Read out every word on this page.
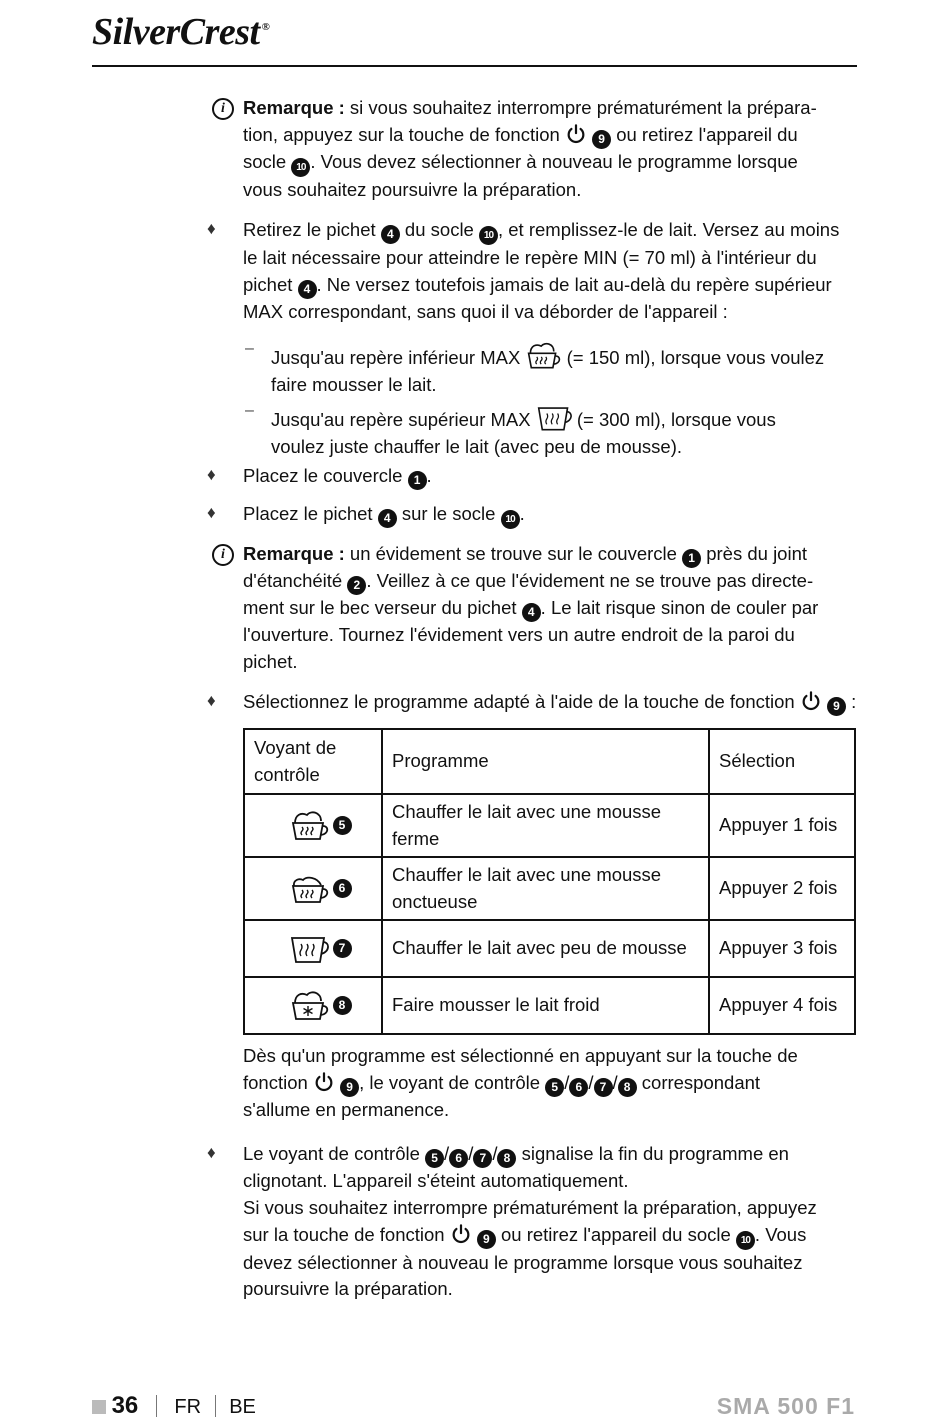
SilverCrest ®
i Remarque : si vous souhaitez interrompre prématurément la prépara-

tion, appuyez sur la touche de fonction	9 ou retirez l'appareil du

socle 10 . Vous devez sélectionner à nouveau le programme lorsque

vous souhaitez poursuivre la préparation.

♦ Retirez le pichet 4 du socle 10 , et remplissez-le de lait. Versez au moins

le lait nécessaire pour atteindre le repère MIN (= 70 ml) à l'intérieur du

pichet 4 . Ne versez toutefois jamais de lait au-delà du repère supérieur

MAX correspondant, sans quoi il va déborder de l'appareil :

– Jusqu'au repère inférieur MAX  (= 150 ml), lorsque vous voulez

faire mousser le lait.

– Jusqu'au repère supérieur MAX  (= 300 ml), lorsque vous

voulez juste chauffer le lait (avec peu de mousse).

♦ Placez le couvercle 1 .

♦ Placez le pichet 4 sur le socle 10 .

i Remarque : un évidement se trouve sur le couvercle 1 près du joint

d'étanchéité 2 . Veillez à ce que l'évidement ne se trouve pas directe-

ment sur le bec verseur du pichet 4 . Le lait risque sinon de couler par

l'ouverture. Tournez l'évidement vers un autre endroit de la paroi du

pichet.

♦ Sélectionnez le programme adapté à l'aide de la touche de fonction	9 :

Voyant de contrôle	Programme	Sélection

5	Chauffer le lait avec une mousse ferme	Appuyer 1 fois

6	Chauffer le lait avec une mousse onctueuse	Appuyer 2 fois

7	Chauffer le lait avec peu de mousse	Appuyer 3 fois

8	Faire mousser le lait froid	Appuyer 4 fois

Dès qu'un programme est sélectionné en appuyant sur la touche de

fonction	9 , le voyant de contrôle 5 / 6 / 7 / 8 correspondant

s'allume en permanence.

♦ Le voyant de contrôle 5 / 6 / 7 / 8 signalise la fin du programme en

clignotant. L'appareil s'éteint automatiquement.

Si vous souhaitez interrompre prématurément la préparation, appuyez

sur la touche de fonction	9 ou retirez l'appareil du socle 10 . Vous

devez sélectionner à nouveau le programme lorsque vous souhaitez

poursuivre la préparation.

36 FR BE	SMA 500 F1
